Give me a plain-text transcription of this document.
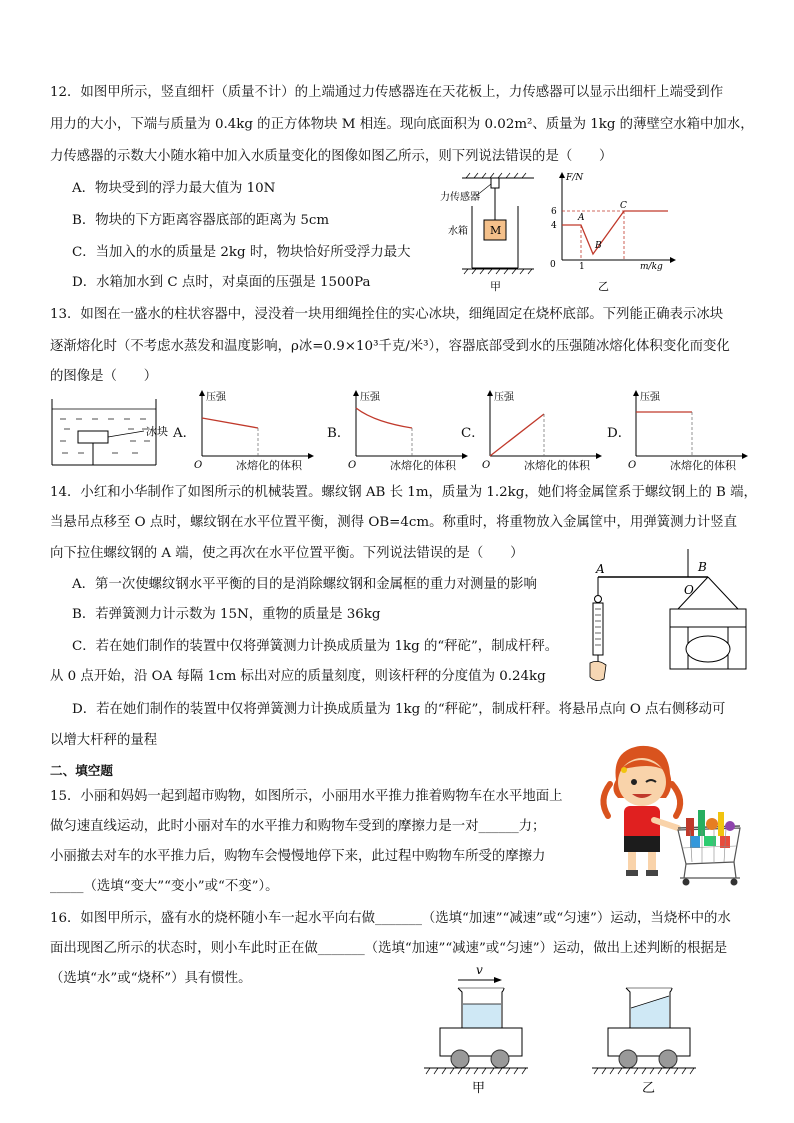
12．如图甲所示，竖直细杆（质量不计）的上端通过力传感器连在天花板上，力传感器可以显示出细杆上端受到作
用力的大小，下端与质量为 0.4kg 的正方体物块 M 相连。现向底面积为 0.02m²、质量为 1kg 的薄壁空水箱中加水，
力传感器的示数大小随水箱中加入水质量变化的图像如图乙所示，则下列说法错误的是（　　）
A．物块受到的浮力最大值为 10N
B．物块的下方距离容器底部的距离为 5cm
C．当加入的水的质量是 2kg 时，物块恰好所受浮力最大
D．水箱加水到 C 点时，对桌面的压强是 1500Pa
力传感器
M
水箱
甲
F/N
m/kg
6
4
0	1
A
B
C
乙
13．如图在一盛水的柱状容器中，浸没着一块用细绳拴住的实心冰块，细绳固定在烧杯底部。下列能正确表示冰块
逐渐熔化时（不考虑水蒸发和温度影响，ρ冰=0.9×10³千克/米³），容器底部受到水的压强随冰熔化体积变化而变化
的图像是（　　）
冰块 A．
压强
O	冰熔化的体积
B．
压强
O	冰熔化的体积
C．
压强
O	冰熔化的体积
D．
压强
O	冰熔化的体积
14．小红和小华制作了如图所示的机械装置。螺纹钢 AB 长 1m，质量为 1.2kg，她们将金属筐系于螺纹钢上的 B 端，
当悬吊点移至 O 点时，螺纹钢在水平位置平衡，测得 OB=4cm。称重时，将重物放入金属筐中，用弹簧测力计竖直
向下拉住螺纹钢的 A 端，使之再次在水平位置平衡。下列说法错误的是（　　）
A．第一次使螺纹钢水平平衡的目的是消除螺纹钢和金属框的重力对测量的影响
B．若弹簧测力计示数为 15N，重物的质量是 36kg
C．若在她们制作的装置中仅将弹簧测力计换成质量为 1kg 的“秤砣”，制成杆秤。
从 0 点开始，沿 OA 每隔 1cm 标出对应的质量刻度，则该杆秤的分度值为 0.24kg
D．若在她们制作的装置中仅将弹簧测力计换成质量为 1kg 的“秤砣”，制成杆秤。将悬吊点向 O 点右侧移动可
以增大杆秤的量程
A	B
O
二、填空题
15．小丽和妈妈一起到超市购物，如图所示，小丽用水平推力推着购物车在水平地面上
做匀速直线运动，此时小丽对车的水平推力和购物车受到的摩擦力是一对______力；
小丽撤去对车的水平推力后，购物车会慢慢地停下来，此过程中购物车所受的摩擦力
_____（选填“变大”“变小”或“不变”）。
16．如图甲所示，盛有水的烧杯随小车一起水平向右做_______（选填“加速”“减速”或“匀速”）运动，当烧杯中的水
面出现图乙所示的状态时，则小车此时正在做_______（选填“加速”“减速”或“匀速”）运动，做出上述判断的根据是
（选填“水”或“烧杯”）具有惯性。
v
甲	乙
